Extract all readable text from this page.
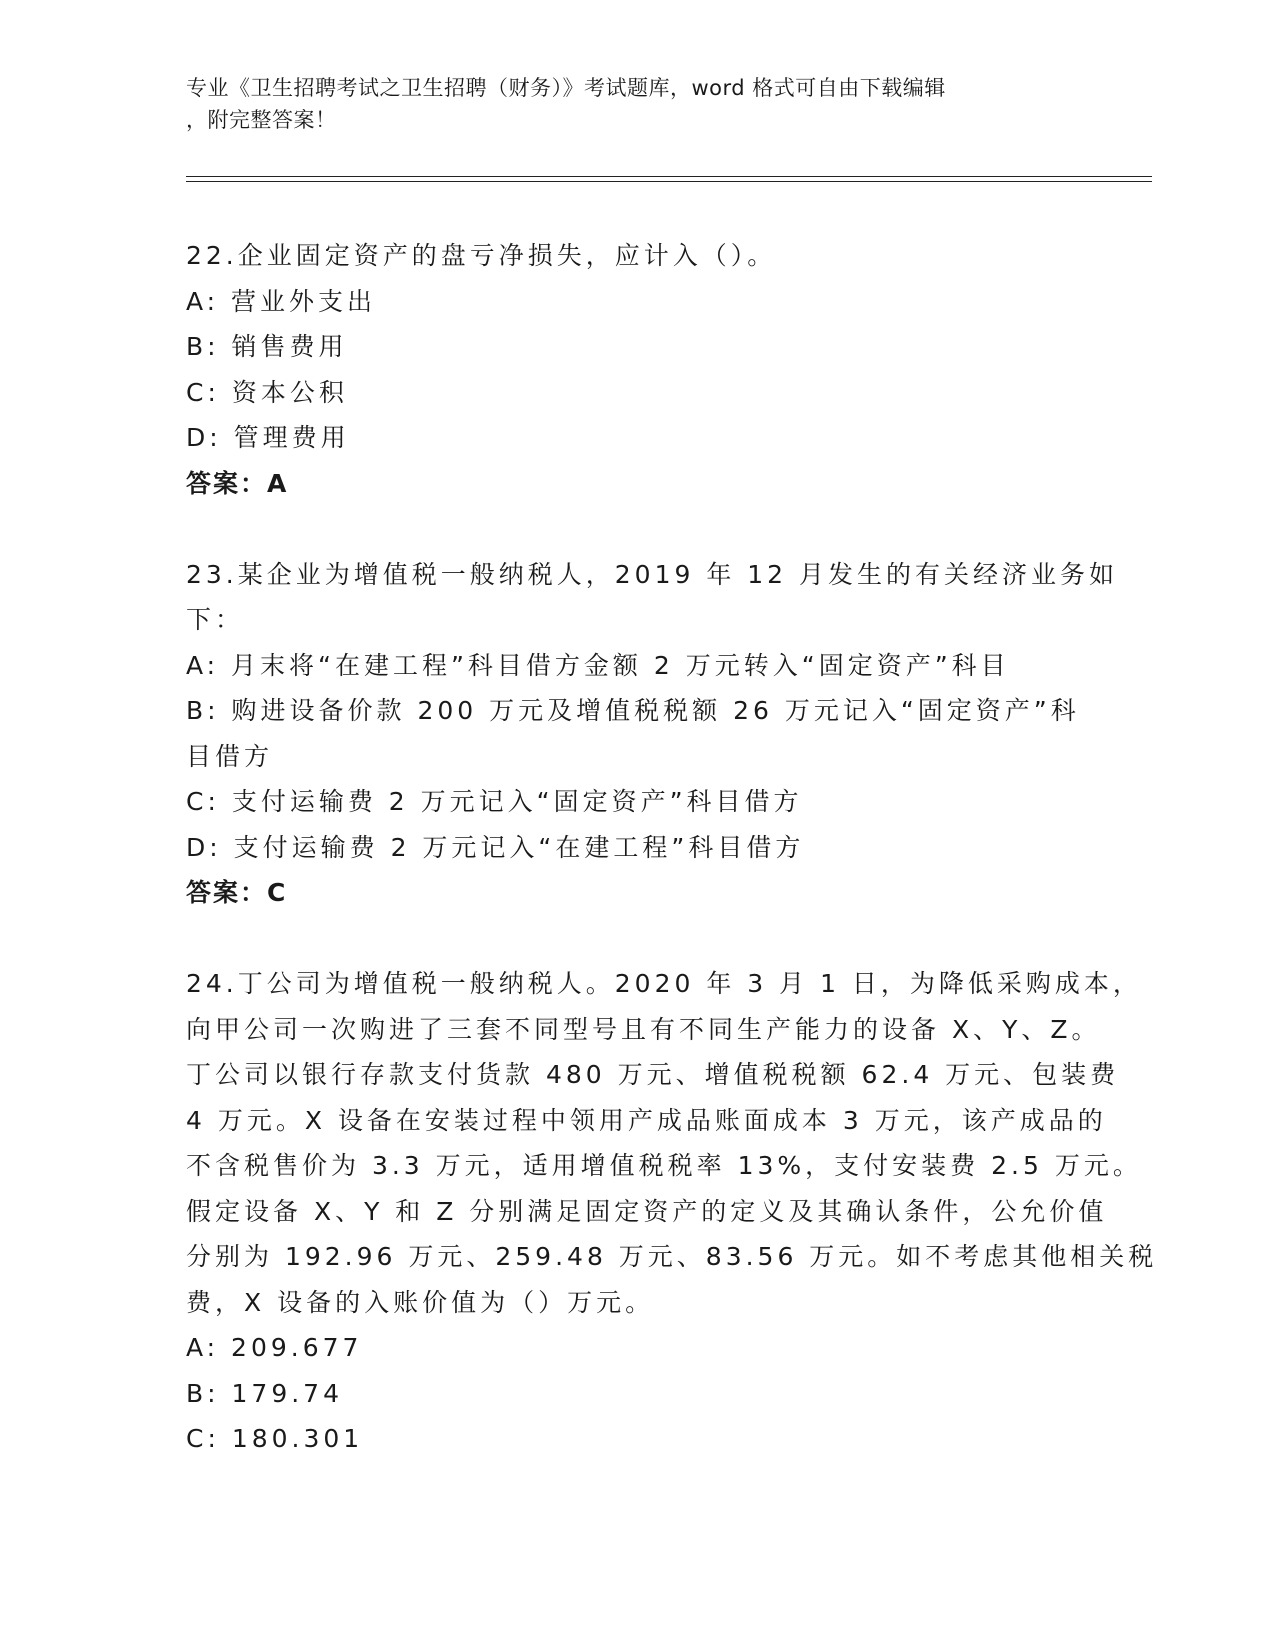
专业《卫生招聘考试之卫生招聘（财务）》考试题库，word 格式可自由下载编辑
，附完整答案！
22.企业固定资产的盘亏净损失，应计入（）。
A: 营业外支出
B: 销售费用
C: 资本公积
D: 管理费用
答案：A
23.某企业为增值税一般纳税人，2019 年 12 月发生的有关经济业务如
下：
A: 月末将“在建工程”科目借方金额 2 万元转入“固定资产”科目
B: 购进设备价款 200 万元及增值税税额 26 万元记入“固定资产”科
目借方
C: 支付运输费 2 万元记入“固定资产”科目借方
D: 支付运输费 2 万元记入“在建工程”科目借方
答案：C
24.丁公司为增值税一般纳税人。2020 年 3 月 1 日，为降低采购成本，
向甲公司一次购进了三套不同型号且有不同生产能力的设备 X、Y、Z。
丁公司以银行存款支付货款 480 万元、增值税税额 62.4 万元、包装费
4 万元。X 设备在安装过程中领用产成品账面成本 3 万元，该产成品的
不含税售价为 3.3 万元，适用增值税税率 13%，支付安装费 2.5 万元。
假定设备 X、Y 和 Z 分别满足固定资产的定义及其确认条件，公允价值
分别为 192.96 万元、259.48 万元、83.56 万元。如不考虑其他相关税
费，X 设备的入账价值为（）万元。
A: 209.677
B: 179.74
C: 180.301
